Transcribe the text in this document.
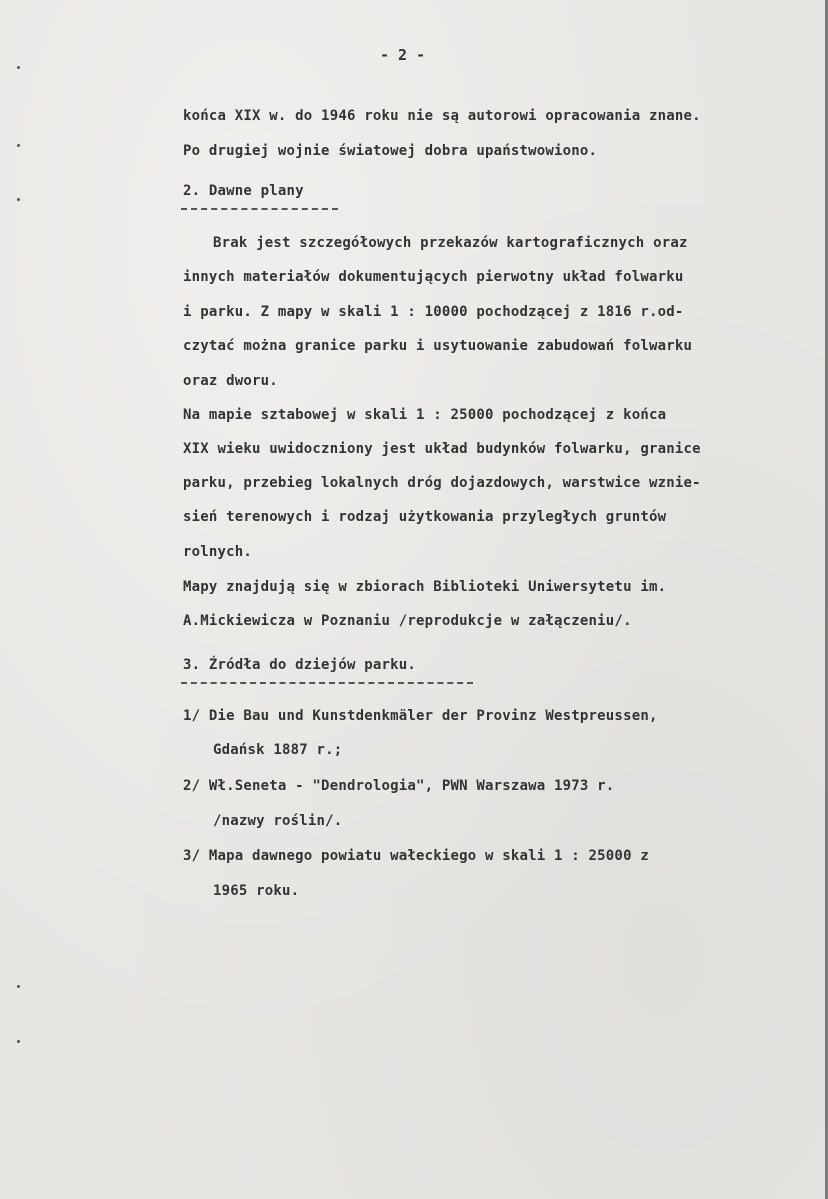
- 2 -
końca XIX w. do 1946 roku nie są autorowi opracowania znane.
Po drugiej wojnie światowej dobra upaństwowiono.
2. Dawne plany
Brak jest szczegółowych przekazów kartograficznych oraz
innych materiałów dokumentujących pierwotny układ folwarku
i parku. Z mapy w skali 1 : 10000 pochodzącej z 1816 r.od-
czytać można granice parku i usytuowanie zabudowań folwarku
oraz dworu.
Na mapie sztabowej w skali 1 : 25000 pochodzącej z końca
XIX wieku uwidoczniony jest układ budynków folwarku, granice
parku, przebieg lokalnych dróg dojazdowych, warstwice wznie-
sień terenowych i rodzaj użytkowania przyległych gruntów
rolnych.
Mapy znajdują się w zbiorach Biblioteki Uniwersytetu im.
A.Mickiewicza w Poznaniu /reprodukcje w załączeniu/.
3. Źródła do dziejów parku.
1/ Die Bau und Kunstdenkmäler der Provinz Westpreussen,
Gdańsk 1887 r.;
2/ Wł.Seneta - "Dendrologia", PWN Warszawa 1973 r.
/nazwy roślin/.
3/ Mapa dawnego powiatu wałeckiego w skali 1 : 25000 z
1965 roku.
